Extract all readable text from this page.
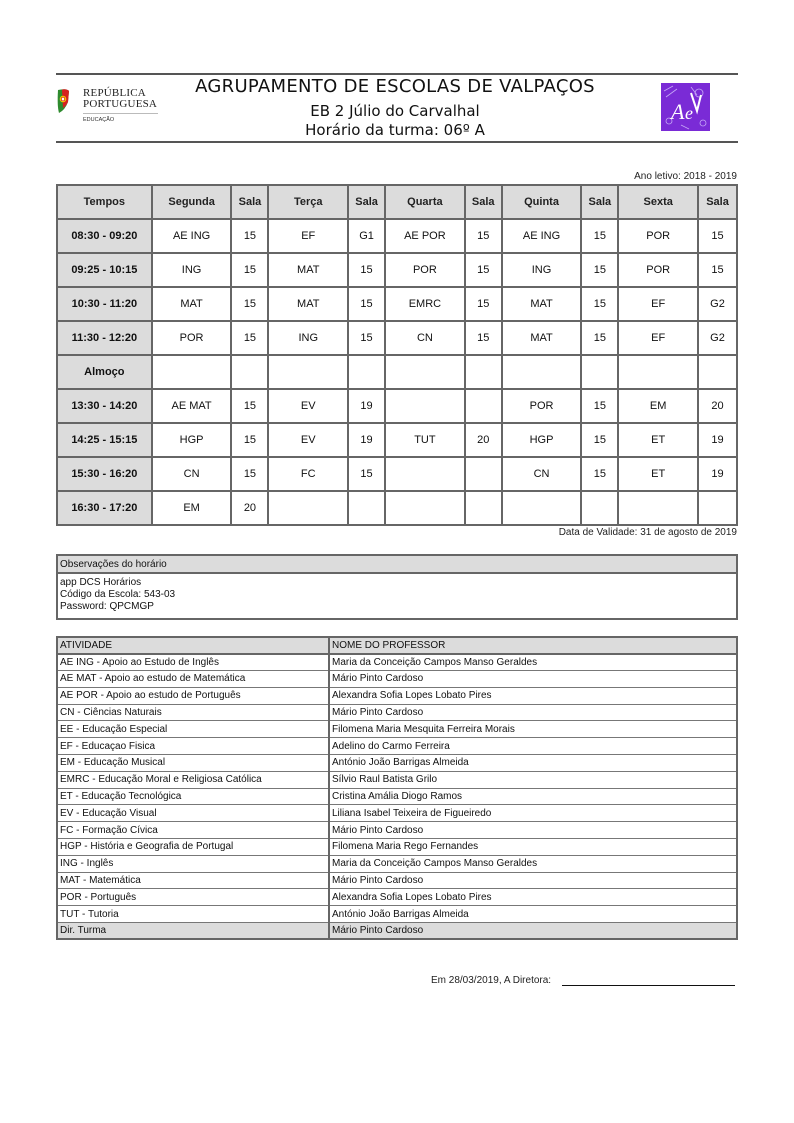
REPÚBLICA
PORTUGUESA
EDUCAÇÃO
AGRUPAMENTO DE ESCOLAS DE VALPAÇOS
EB 2 Júlio do Carvalhal
Horário da turma: 06º A
A e
Ano letivo: 2018 - 2019
Tempos	Segunda	Sala	Terça	Sala	Quarta	Sala	Quinta	Sala	Sexta	Sala
08:30 - 09:20	AE ING	15	EF	G1	AE POR	15	AE ING	15	POR	15
09:25 - 10:15	ING	15	MAT	15	POR	15	ING	15	POR	15
10:30 - 11:20	MAT	15	MAT	15	EMRC	15	MAT	15	EF	G2
11:30 - 12:20	POR	15	ING	15	CN	15	MAT	15	EF	G2
Almoço										
13:30 - 14:20	AE MAT	15	EV	19			POR	15	EM	20
14:25 - 15:15	HGP	15	EV	19	TUT	20	HGP	15	ET	19
15:30 - 16:20	CN	15	FC	15			CN	15	ET	19
16:30 - 17:20	EM	20								
Data de Validade: 31 de agosto de 2019
Observações do horário
app DCS Horários
Código da Escola: 543-03
Password: QPCMGP
ATIVIDADE	NOME DO PROFESSOR
AE ING - Apoio ao Estudo de Inglês	Maria da Conceição Campos Manso Geraldes
AE MAT - Apoio ao estudo de Matemática	Mário Pinto Cardoso
AE POR - Apoio ao estudo de Português	Alexandra Sofia Lopes Lobato Pires
CN - Ciências Naturais	Mário Pinto Cardoso
EE - Educação Especial	Filomena Maria Mesquita Ferreira Morais
EF - Educaçao Fisica	Adelino do Carmo Ferreira
EM - Educação Musical	António João Barrigas Almeida
EMRC - Educação Moral e Religiosa Católica	Sílvio Raul Batista Grilo
ET - Educação Tecnológica	Cristina Amália Diogo Ramos
EV - Educação Visual	Liliana Isabel Teixeira de Figueiredo
FC - Formação Cívica	Mário Pinto Cardoso
HGP - História e Geografia de Portugal	Filomena Maria Rego Fernandes
ING - Inglês	Maria da Conceição Campos Manso Geraldes
MAT - Matemática	Mário Pinto Cardoso
POR - Português	Alexandra Sofia Lopes Lobato Pires
TUT - Tutoria	António João Barrigas Almeida
Dir. Turma	Mário Pinto Cardoso
Em 28/03/2019, A Diretora:
